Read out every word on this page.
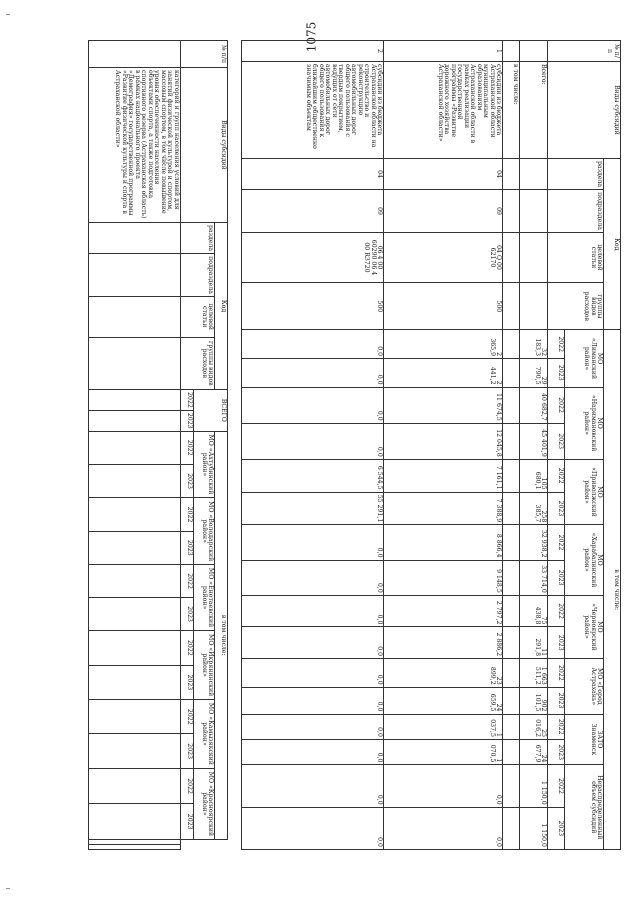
1075
№ п/п	Виды субсидий	Код				ВСЕГО		в том числе:													
		раздела	подраздела	целевой статьи	группы видов расходов			МО «Ахтубинский район»		МО «Володарский район»		МО «Енотаевский район»		МО «Икрянинский район»		МО «Камызякский район»		МО «Красноярский район»			
						2022	2023	2022	2023	2022	2023	2022	2023	2022	2023	2022	2023	2022	2023		
	категорий и групп населения условий для занятий физической культурой и спортом, массовым спортом, в том числе повышение уровня обеспеченности населения объектами спорта, а также подготовка спортивного резерва (Астраханская область) в рамках национального проекта «Демография» государственной программы «Развитие физической культуры и спорта в Астраханской области»																				
№ п/п	Виды субсидий	Код				в том числе:															
		раздела	подраздела	целевой статьи	группы видов расходов	МО «Лиманский район»		МО «Наримановский район»		МО «Приволжский район»		МО «Харабалинский район»		МО «Черноярский район»		МО «Город Астрахань»		ЗАТО Знаменск		Нераспределенный объем субсидий	
						2022	2023	2022	2023	2022	2023	2022	2023	2022	2023	2022	2023	2022	2023	2022	2023
	Всего:					32 183,3	29 790,5	40 682,7	45 401,9	105 680,1	258 385,7	32 938,2	33 714,0	75 438,8	11 291,8	1 663 511,2	902 101,5	25 016,2	24 677,9	1 150,0	1 150,0
	в том числе:																				
1	субсидии из бюджета Астраханской области муниципальным образованиям Астраханской области в рамках реализации государственной программы «Развитие дорожного хозяйства Астраханской области»	04	09	04 Q 00 62170	500	2 365,9	2 441,2	11 674,5	12 045,8	7 161,1	7 388,9	8 866,4	9 148,5	2 797,2	2 886,2	23 899,2	24 659,5	1 037,5	1 070,5	0,0	0,0
2	субсидии из бюджета Астраханской области на строительство и реконструкцию автомобильных дорог общего пользования с твердым покрытием, ведущих от сети автомобильных дорог общего пользования к ближайшим общественно значимым объектам	04	09	06 4 00 60290 06 4 00 R3720	500	0,0	0,0	0,0	0,0	6 544,5	55 291,1	0,0	0,0	0,0	0,0	0,0	0,0	0,0	0,0	0,0	0,0
